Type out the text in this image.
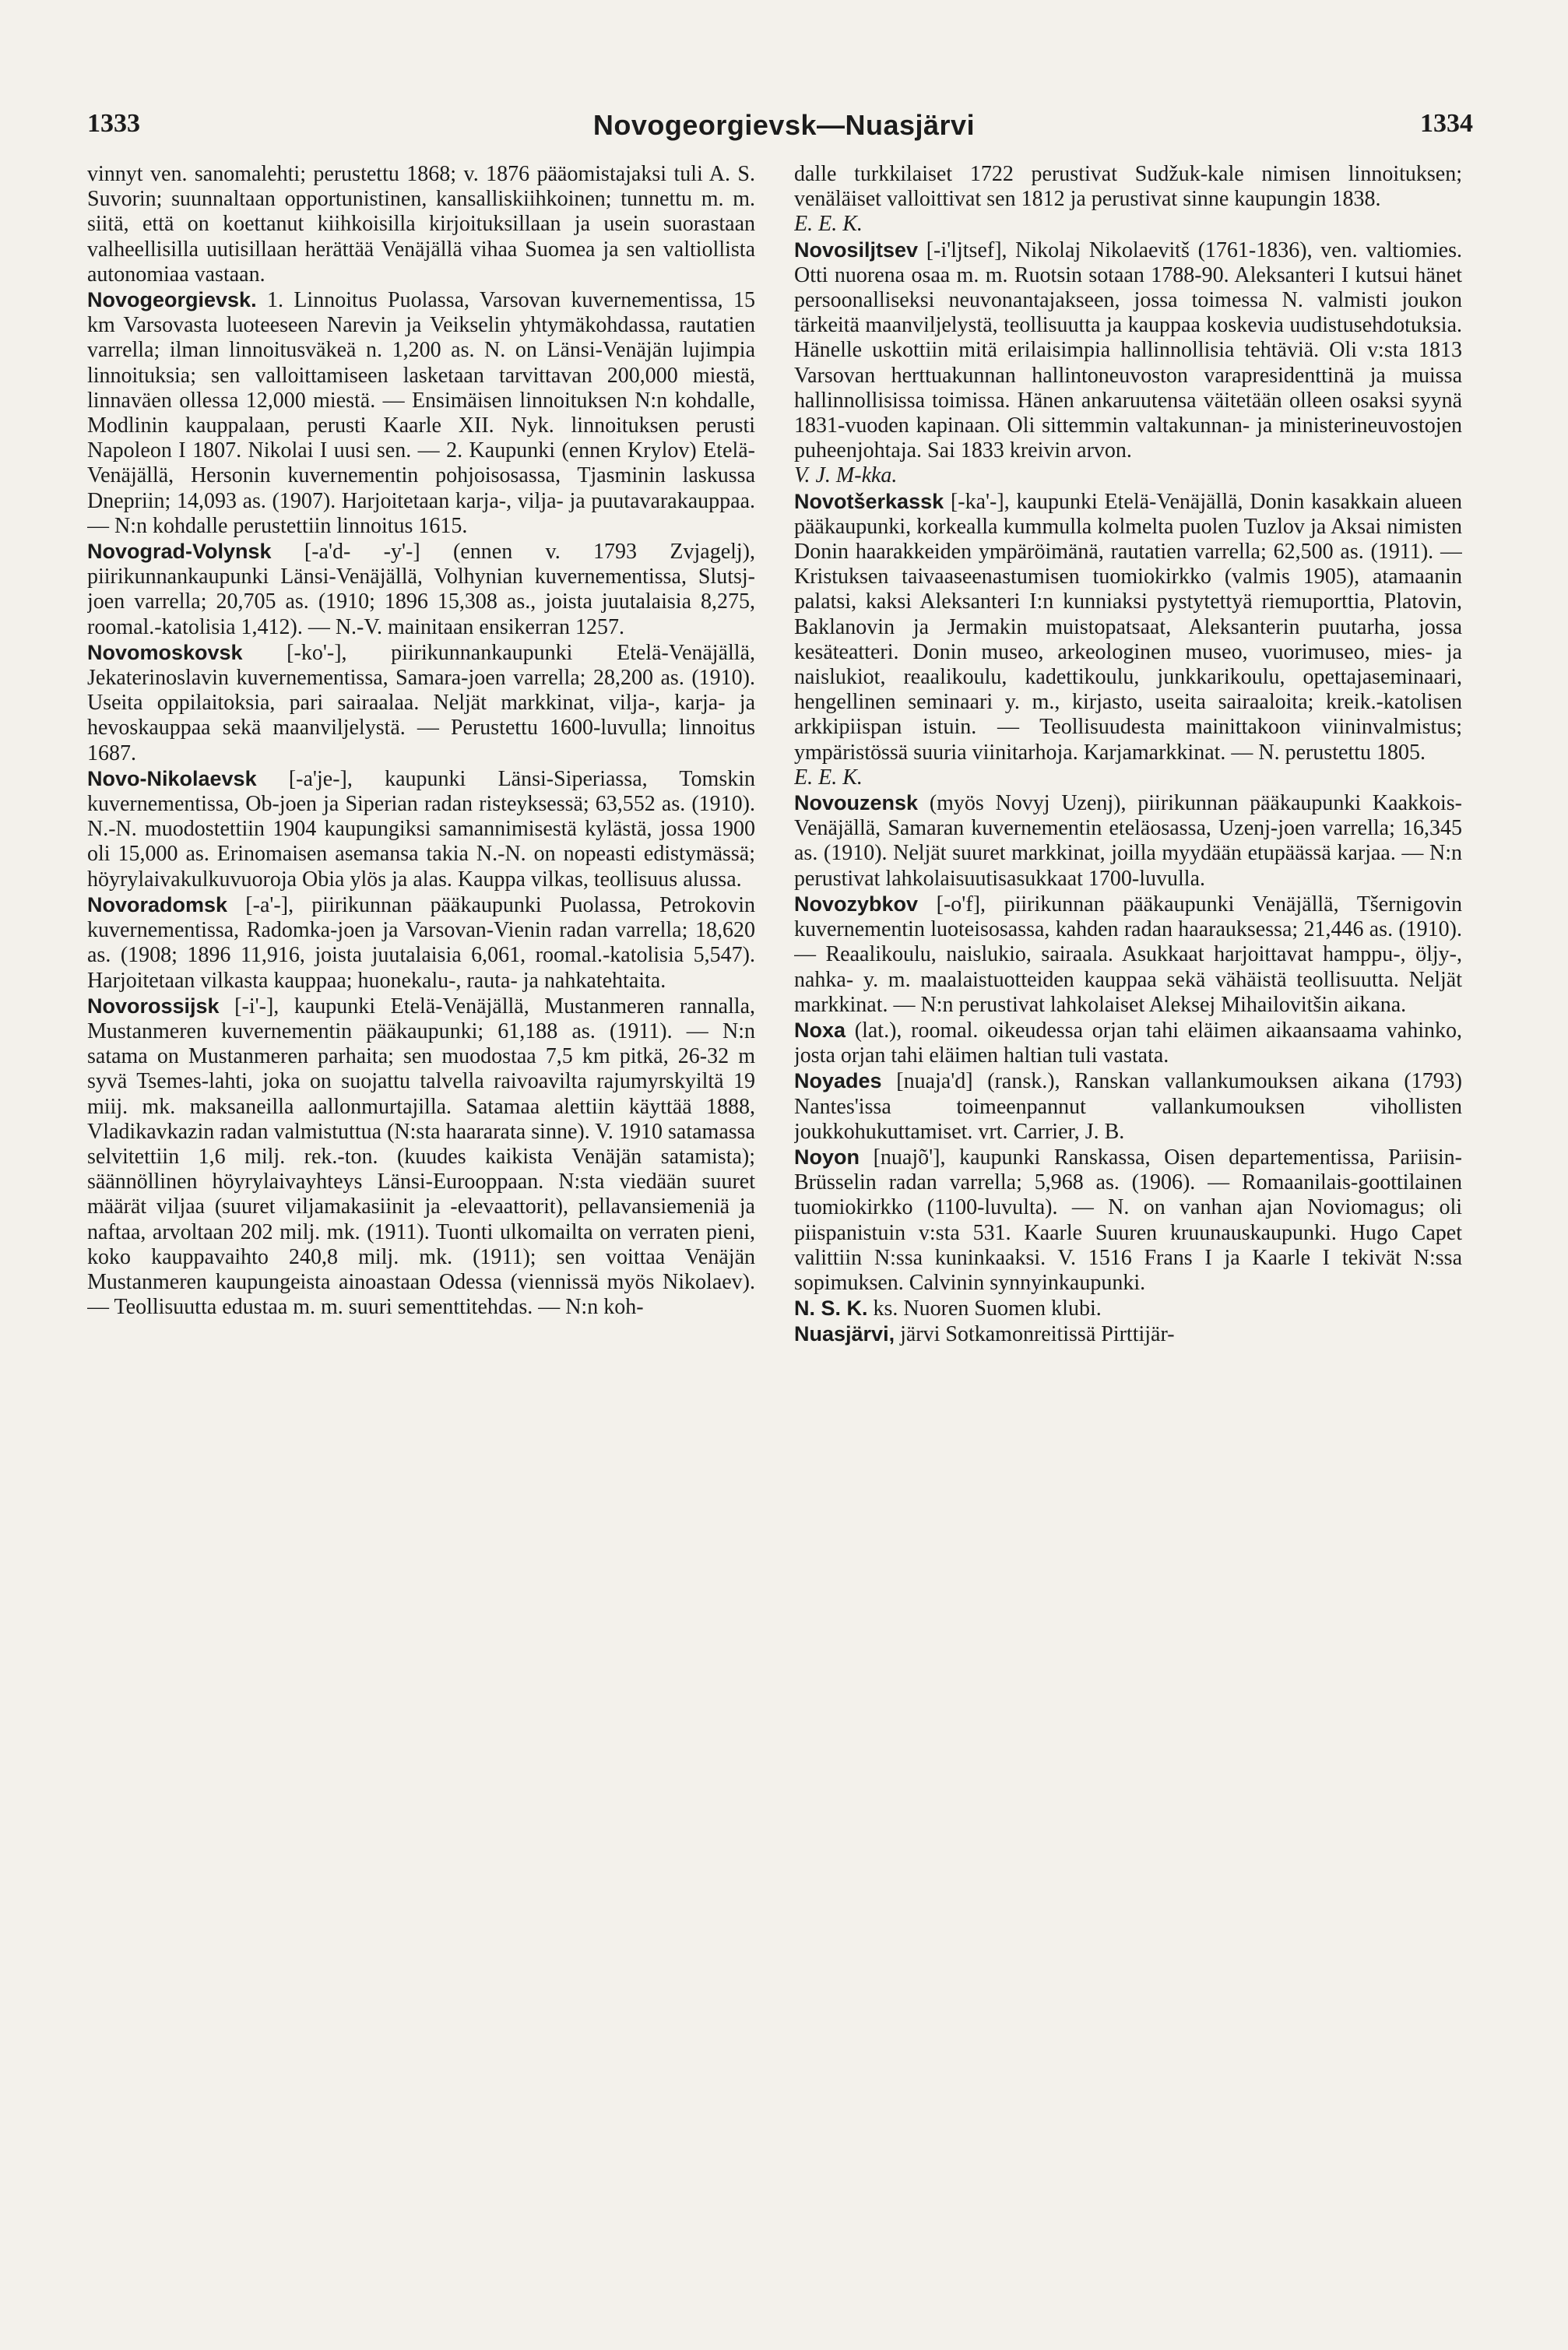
1333	Novogeorgievsk—Nuasjärvi	1334

vinnyt ven. sanomalehti; perustettu 1868; v. 1876 pääomistajaksi tuli A. S. Suvorin; suunnaltaan opportunistinen, kansalliskiihkoinen; tunnettu m. m. siitä, että on koettanut kiihkoisilla kirjoituksillaan ja usein suorastaan valheellisilla uutisillaan herättää Venäjällä vihaa Suomea ja sen valtiollista autonomiaa vastaan.

Novogeorgievsk. 1. Linnoitus Puolassa, Varsovan kuvernementissa, 15 km Varsovasta luoteeseen Narevin ja Veikselin yhtymäkohdassa, rautatien varrella; ilman linnoitusväkeä n. 1,200 as. N. on Länsi-Venäjän lujimpia linnoituksia; sen valloittamiseen lasketaan tarvittavan 200,000 miestä, linnaväen ollessa 12,000 miestä. — Ensimäisen linnoituksen N:n kohdalle, Modlinin kauppalaan, perusti Kaarle XII. Nyk. linnoituksen perusti Napoleon I 1807. Nikolai I uusi sen. — 2. Kaupunki (ennen Krylov) Etelä-Venäjällä, Hersonin kuvernementin pohjoisosassa, Tjasminin laskussa Dnepriin; 14,093 as. (1907). Harjoitetaan karja-, vilja- ja puutavarakauppaa. — N:n kohdalle perustettiin linnoitus 1615.

Novograd-Volynsk [-a'd- -y'-] (ennen v. 1793 Zvjagelj), piirikunnankaupunki Länsi-Venäjällä, Volhynian kuvernementissa, Slutsj-joen varrella; 20,705 as. (1910; 1896 15,308 as., joista juutalaisia 8,275, roomal.-katolisia 1,412). — N.-V. mainitaan ensikerran 1257.

Novomoskovsk [-ko'-], piirikunnankaupunki Etelä-Venäjällä, Jekaterinoslavin kuvernementissa, Samara-joen varrella; 28,200 as. (1910). Useita oppilaitoksia, pari sairaalaa. Neljät markkinat, vilja-, karja- ja hevoskauppaa sekä maanviljelystä. — Perustettu 1600-luvulla; linnoitus 1687.

Novo-Nikolaevsk [-a'je-], kaupunki Länsi-Siperiassa, Tomskin kuvernementissa, Ob-joen ja Siperian radan risteyksessä; 63,552 as. (1910). N.-N. muodostettiin 1904 kaupungiksi samannimisestä kylästä, jossa 1900 oli 15,000 as. Erinomaisen asemansa takia N.-N. on nopeasti edistymässä; höyrylaivakulkuvuoroja Obia ylös ja alas. Kauppa vilkas, teollisuus alussa.

Novoradomsk [-a'-], piirikunnan pääkaupunki Puolassa, Petrokovin kuvernementissa, Radomka-joen ja Varsovan-Vienin radan varrella; 18,620 as. (1908; 1896 11,916, joista juutalaisia 6,061, roomal.-katolisia 5,547). Harjoitetaan vilkasta kauppaa; huonekalu-, rauta- ja nahkatehtaita.

Novorossijsk [-i'-], kaupunki Etelä-Venäjällä, Mustanmeren rannalla, Mustanmeren kuvernementin pääkaupunki; 61,188 as. (1911). — N:n satama on Mustanmeren parhaita; sen muodostaa 7,5 km pitkä, 26-32 m syvä Tsemes-lahti, joka on suojattu talvella raivoavilta rajumyrskyiltä 19 miij. mk. maksaneilla aallonmurtajilla. Satamaa alettiin käyttää 1888, Vladikavkazin radan valmistuttua (N:sta haararata sinne). V. 1910 satamassa selvitettiin 1,6 milj. rek.-ton. (kuudes kaikista Venäjän satamista); säännöllinen höyrylaivayhteys Länsi-Eurooppaan. N:sta viedään suuret määrät viljaa (suuret viljamakasiinit ja -elevaattorit), pellavansiemeniä ja naftaa, arvoltaan 202 milj. mk. (1911). Tuonti ulkomailta on verraten pieni, koko kauppavaihto 240,8 milj. mk. (1911); sen voittaa Venäjän Mustanmeren kaupungeista ainoastaan Odessa (viennissä myös Nikolaev). — Teollisuutta edustaa m. m. suuri sementtitehdas. — N:n koh-

dalle turkkilaiset 1722 perustivat Sudžuk-kale nimisen linnoituksen; venäläiset valloittivat sen 1812 ja perustivat sinne kaupungin 1838.

E. E. K.

Novosiljtsev [-i'ljtsef], Nikolaj Nikolaevitš (1761-1836), ven. valtiomies. Otti nuorena osaa m. m. Ruotsin sotaan 1788-90. Aleksanteri I kutsui hänet persoonalliseksi neuvonantajakseen, jossa toimessa N. valmisti joukon tärkeitä maanviljelystä, teollisuutta ja kauppaa koskevia uudistusehdotuksia. Hänelle uskottiin mitä erilaisimpia hallinnollisia tehtäviä. Oli v:sta 1813 Varsovan herttuakunnan hallintoneuvoston varapresidenttinä ja muissa hallinnollisissa toimissa. Hänen ankaruutensa väitetään olleen osaksi syynä 1831-vuoden kapinaan. Oli sittemmin valtakunnan- ja ministerineuvostojen puheenjohtaja. Sai 1833 kreivin arvon.

V. J. M-kka.

Novotšerkassk [-ka'-], kaupunki Etelä-Venäjällä, Donin kasakkain alueen pääkaupunki, korkealla kummulla kolmelta puolen Tuzlov ja Aksai nimisten Donin haarakkeiden ympäröimänä, rautatien varrella; 62,500 as. (1911). — Kristuksen taivaaseenastumisen tuomiokirkko (valmis 1905), atamaanin palatsi, kaksi Aleksanteri I:n kunniaksi pystytettyä riemuporttia, Platovin, Baklanovin ja Jermakin muistopatsaat, Aleksanterin puutarha, jossa kesäteatteri. Donin museo, arkeologinen museo, vuorimuseo, mies- ja naislukiot, reaalikoulu, kadettikoulu, junkkarikoulu, opettajaseminaari, hengellinen seminaari y. m., kirjasto, useita sairaaloita; kreik.-katolisen arkkipiispan istuin. — Teollisuudesta mainittakoon viininvalmistus; ympäristössä suuria viinitarhoja. Karjamarkkinat. — N. perustettu 1805.

E. E. K.

Novouzensk (myös Novyj Uzenj), piirikunnan pääkaupunki Kaakkois-Venäjällä, Samaran kuvernementin eteläosassa, Uzenj-joen varrella; 16,345 as. (1910). Neljät suuret markkinat, joilla myydään etupäässä karjaa. — N:n perustivat lahkolaisuutisasukkaat 1700-luvulla.

Novozybkov [-o'f], piirikunnan pääkaupunki Venäjällä, Tšernigovin kuvernementin luoteisosassa, kahden radan haarauksessa; 21,446 as. (1910). — Reaalikoulu, naislukio, sairaala. Asukkaat harjoittavat hamppu-, öljy-, nahka- y. m. maalaistuotteiden kauppaa sekä vähäistä teollisuutta. Neljät markkinat. — N:n perustivat lahkolaiset Aleksej Mihailovitšin aikana.

Noxa (lat.), roomal. oikeudessa orjan tahi eläimen aikaansaama vahinko, josta orjan tahi eläimen haltian tuli vastata.

Noyades [nuaja'd] (ransk.), Ranskan vallankumouksen aikana (1793) Nantes'issa toimeenpannut vallankumouksen vihollisten joukkohukuttamiset. vrt. Carrier, J. B.

Noyon [nuajõ'], kaupunki Ranskassa, Oisen departementissa, Pariisin-Brüsselin radan varrella; 5,968 as. (1906). — Romaanilais-goottilainen tuomiokirkko (1100-luvulta). — N. on vanhan ajan Noviomagus; oli piispanistuin v:sta 531. Kaarle Suuren kruunauskaupunki. Hugo Capet valittiin N:ssa kuninkaaksi. V. 1516 Frans I ja Kaarle I tekivät N:ssa sopimuksen. Calvinin synnyinkaupunki.

N. S. K. ks. Nuoren Suomen klubi.

Nuasjärvi, järvi Sotkamonreitissä Pirttijär-
